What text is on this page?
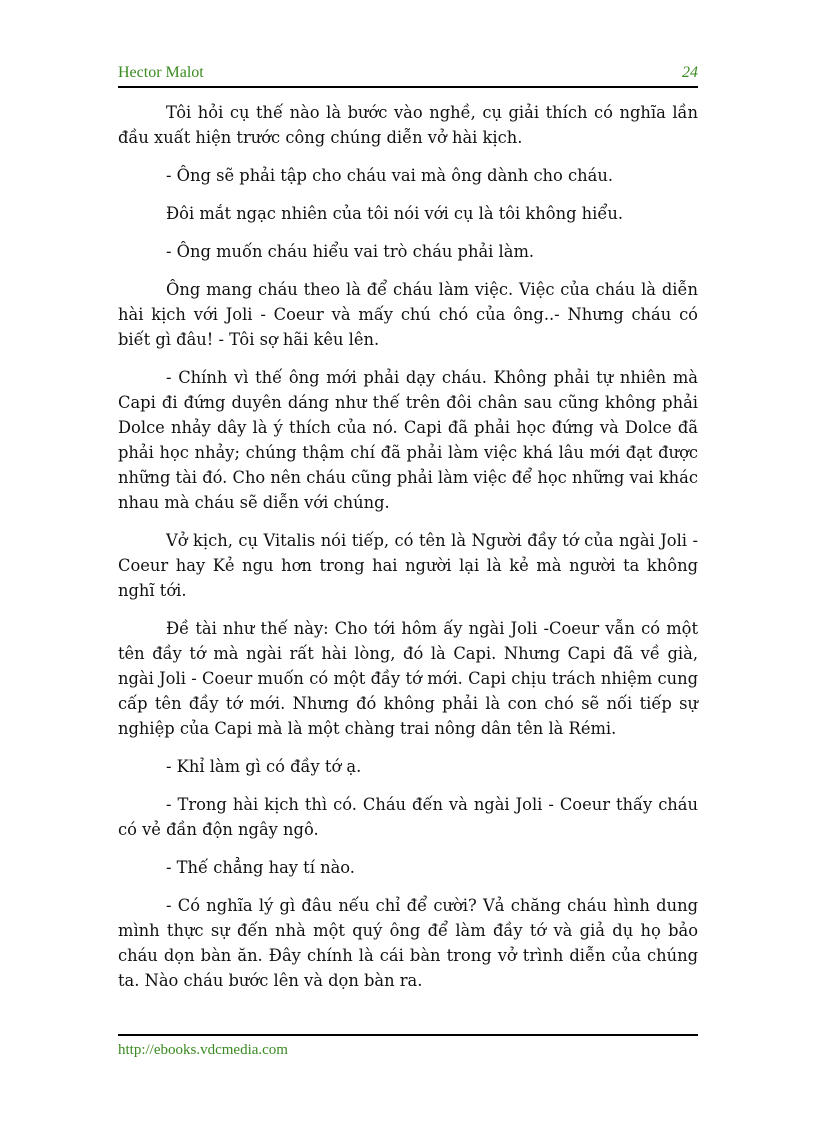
Hector Malot	24

Tôi hỏi cụ thế nào là bước vào nghề, cụ giải thích có nghĩa lần đầu xuất hiện trước công chúng diễn vở hài kịch.

- Ông sẽ phải tập cho cháu vai mà ông dành cho cháu.

Đôi mắt ngạc nhiên của tôi nói với cụ là tôi không hiểu.

- Ông muốn cháu hiểu vai trò cháu phải làm.

Ông mang cháu theo là để cháu làm việc. Việc của cháu là diễn hài kịch với Joli - Coeur và mấy chú chó của ông..- Nhưng cháu có biết gì đâu! - Tôi sợ hãi kêu lên.

- Chính vì thế ông mới phải dạy cháu. Không phải tự nhiên mà Capi đi đứng duyên dáng như thế trên đôi chân sau cũng không phải Dolce nhảy dây là ý thích của nó. Capi đã phải học đứng và Dolce đã phải học nhảy; chúng thậm chí đã phải làm việc khá lâu mới đạt được những tài đó. Cho nên cháu cũng phải làm việc để học những vai khác nhau mà cháu sẽ diễn với chúng.

Vở kịch, cụ Vitalis nói tiếp, có tên là Người đầy tớ của ngài Joli - Coeur hay Kẻ ngu hơn trong hai người lại là kẻ mà người ta không nghĩ tới.

Đề tài như thế này: Cho tới hôm ấy ngài Joli -Coeur vẫn có một tên đầy tớ mà ngài rất hài lòng, đó là Capi. Nhưng Capi đã về già, ngài Joli - Coeur muốn có một đầy tớ mới. Capi chịu trách nhiệm cung cấp tên đầy tớ mới. Nhưng đó không phải là con chó sẽ nối tiếp sự nghiệp của Capi mà là một chàng trai nông dân tên là Rémi.

- Khỉ làm gì có đầy tớ ạ.

- Trong hài kịch thì có. Cháu đến và ngài Joli - Coeur thấy cháu có vẻ đần độn ngây ngô.

- Thế chẳng hay tí nào.

- Có nghĩa lý gì đâu nếu chỉ để cười? Vả chăng cháu hình dung mình thực sự đến nhà một quý ông để làm đầy tớ và giả dụ họ bảo cháu dọn bàn ăn. Đây chính là cái bàn trong vở trình diễn của chúng ta. Nào cháu bước lên và dọn bàn ra.

http://ebooks.vdcmedia.com
